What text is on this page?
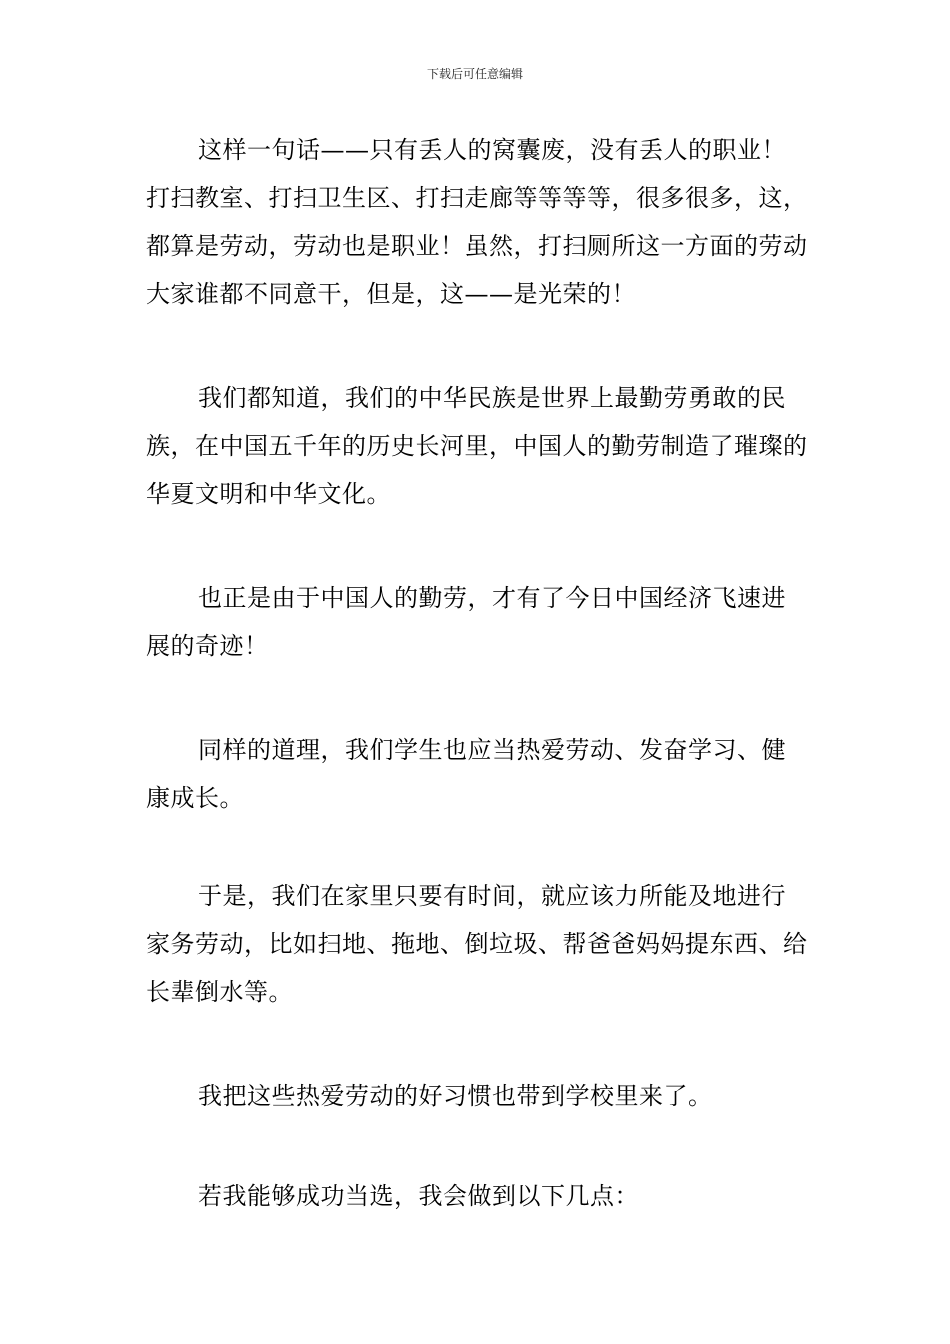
下载后可任意编辑

这样一句话——只有丢人的窝囊废，没有丢人的职业！打扫教室、打扫卫生区、打扫走廊等等等等，很多很多，这，都算是劳动，劳动也是职业！虽然，打扫厕所这一方面的劳动大家谁都不同意干，但是，这——是光荣的！

我们都知道，我们的中华民族是世界上最勤劳勇敢的民族，在中国五千年的历史长河里，中国人的勤劳制造了璀璨的华夏文明和中华文化。

也正是由于中国人的勤劳，才有了今日中国经济飞速进展的奇迹！

同样的道理，我们学生也应当热爱劳动、发奋学习、健康成长。

于是，我们在家里只要有时间，就应该力所能及地进行家务劳动，比如扫地、拖地、倒垃圾、帮爸爸妈妈提东西、给长辈倒水等。

我把这些热爱劳动的好习惯也带到学校里来了。

若我能够成功当选，我会做到以下几点：
